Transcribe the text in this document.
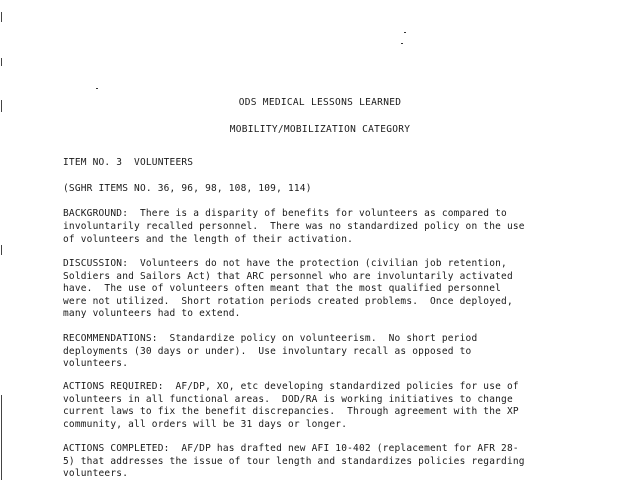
ODS MEDICAL LESSONS LEARNED
MOBILITY/MOBILIZATION CATEGORY
ITEM NO. 3  VOLUNTEERS
(SGHR ITEMS NO. 36, 96, 98, 108, 109, 114)
BACKGROUND:  There is a disparity of benefits for volunteers as compared to
involuntarily recalled personnel.  There was no standardized policy on the use
of volunteers and the length of their activation.
DISCUSSION:  Volunteers do not have the protection (civilian job retention,
Soldiers and Sailors Act) that ARC personnel who are involuntarily activated
have.  The use of volunteers often meant that the most qualified personnel
were not utilized.  Short rotation periods created problems.  Once deployed,
many volunteers had to extend.
RECOMMENDATIONS:  Standardize policy on volunteerism.  No short period
deployments (30 days or under).  Use involuntary recall as opposed to
volunteers.
ACTIONS REQUIRED:  AF/DP, XO, etc developing standardized policies for use of
volunteers in all functional areas.  DOD/RA is working initiatives to change
current laws to fix the benefit discrepancies.  Through agreement with the XP
community, all orders will be 31 days or longer.
ACTIONS COMPLETED:  AF/DP has drafted new AFI 10-402 (replacement for AFR 28-
5) that addresses the issue of tour length and standardizes policies regarding
volunteers.
